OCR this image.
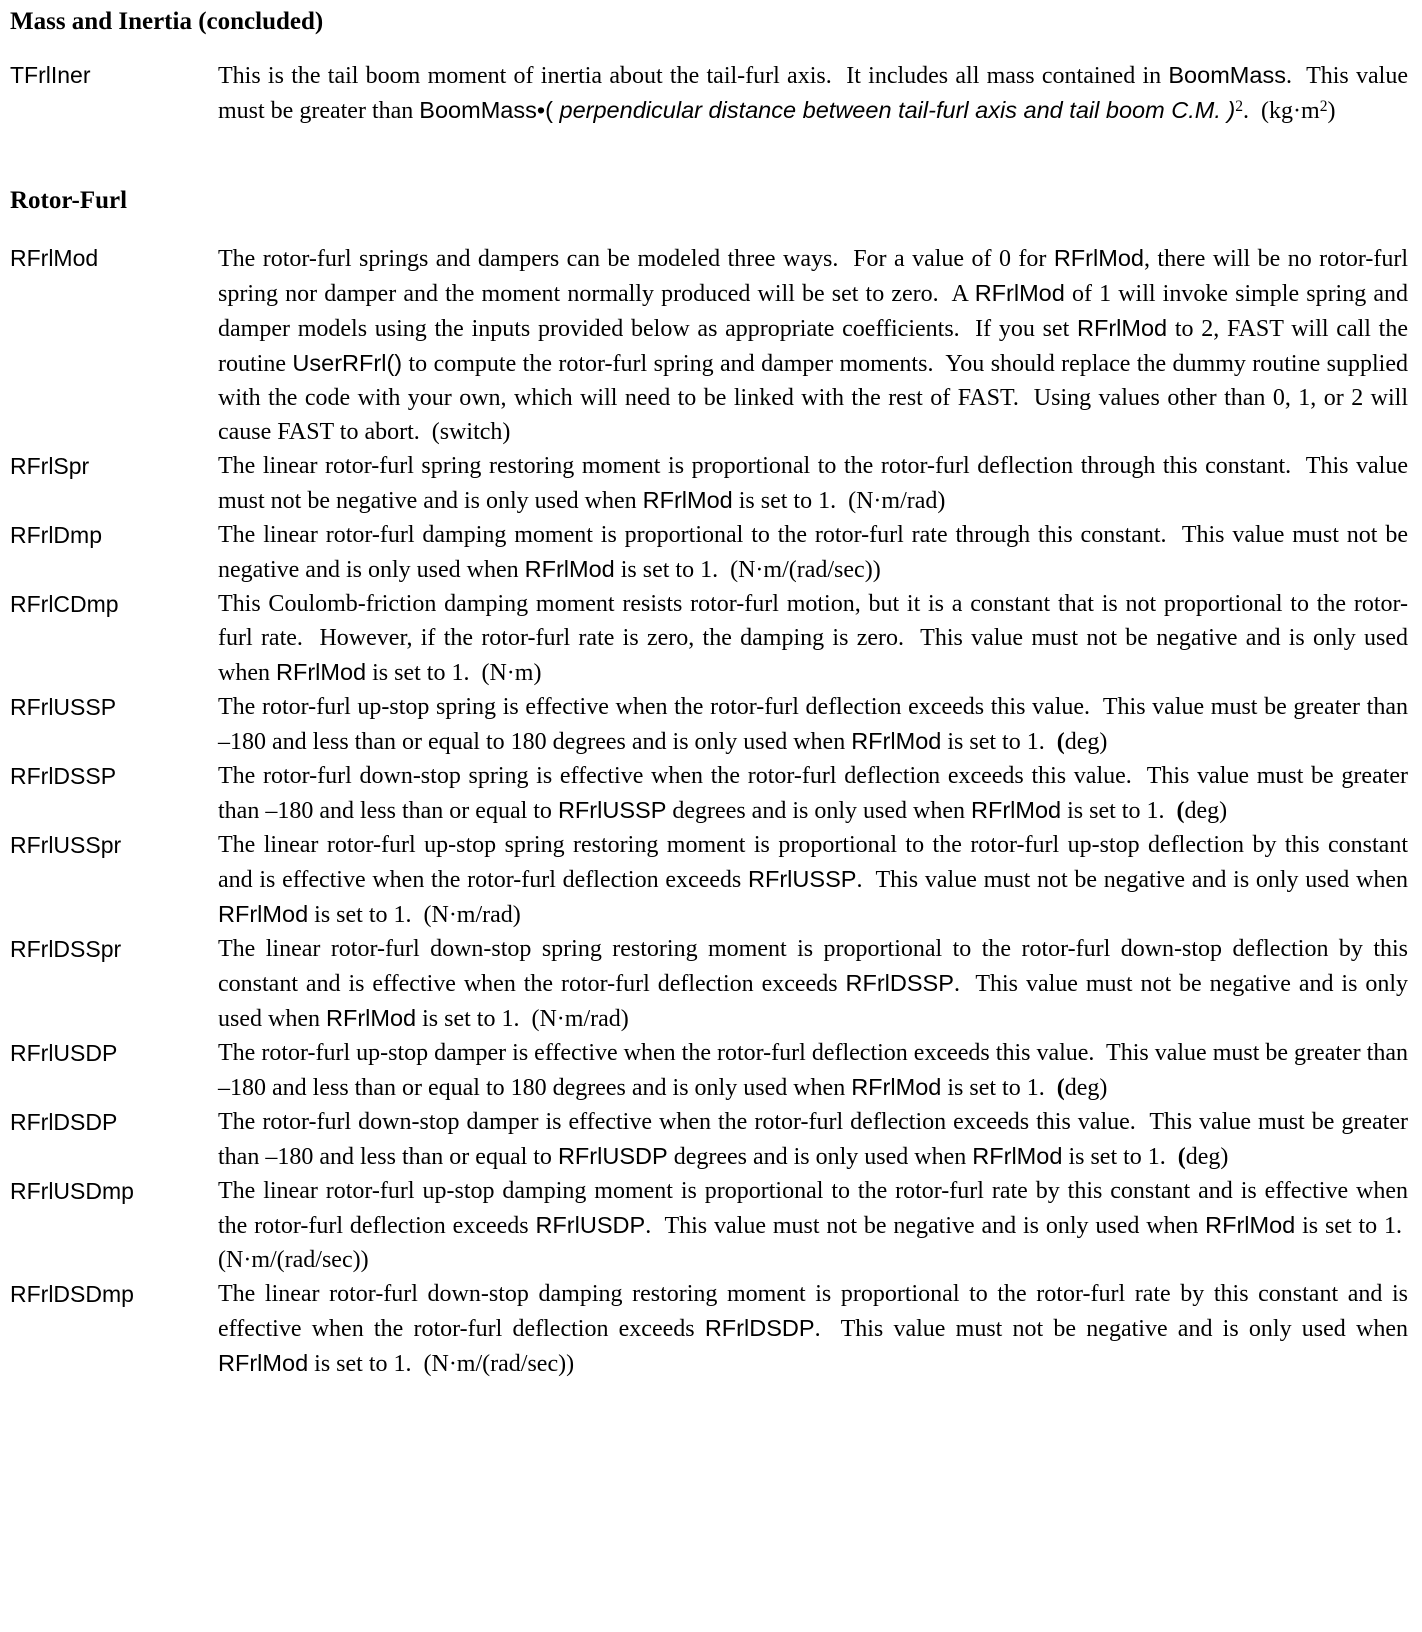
Mass and Inertia (concluded)
TFrlIner	This is the tail boom moment of inertia about the tail-furl axis.  It includes all mass contained in BoomMass.  This value must be greater than BoomMass•( perpendicular distance between tail-furl axis and tail boom C.M. )$^2$.  $(kg\cdot m^2)$
Rotor-Furl
RFrlMod	The rotor-furl springs and dampers can be modeled three ways.  For a value of 0 for RFrlMod, there will be no rotor-furl spring nor damper and the moment normally produced will be set to zero.  A RFrlMod of 1 will invoke simple spring and damper models using the inputs provided below as appropriate coefficients.  If you set RFrlMod to 2, FAST will call the routine UserRFrl() to compute the rotor-furl spring and damper moments.  You should replace the dummy routine supplied with the code with your own, which will need to be linked with the rest of FAST.  Using values other than 0, 1, or 2 will cause FAST to abort.  (switch)
RFrlSpr	The linear rotor-furl spring restoring moment is proportional to the rotor-furl deflection through this constant.  This value must not be negative and is only used when RFrlMod is set to 1.  (N·m/rad)
RFrlDmp	The linear rotor-furl damping moment is proportional to the rotor-furl rate through this constant.  This value must not be negative and is only used when RFrlMod is set to 1.  (N·m/(rad/sec))
RFrlCDmp	This Coulomb-friction damping moment resists rotor-furl motion, but it is a constant that is not proportional to the rotor-furl rate.  However, if the rotor-furl rate is zero, the damping is zero.  This value must not be negative and is only used when RFrlMod is set to 1.  (N·m)
RFrlUSSP	The rotor-furl up-stop spring is effective when the rotor-furl deflection exceeds this value.  This value must be greater than –180 and less than or equal to 180 degrees and is only used when RFrlMod is set to 1.  (deg)
RFrlDSSP	The rotor-furl down-stop spring is effective when the rotor-furl deflection exceeds this value.  This value must be greater than –180 and less than or equal to RFrlUSSP degrees and is only used when RFrlMod is set to 1.  (deg)
RFrlUSSpr	The linear rotor-furl up-stop spring restoring moment is proportional to the rotor-furl up-stop deflection by this constant and is effective when the rotor-furl deflection exceeds RFrlUSSP.  This value must not be negative and is only used when RFrlMod is set to 1.  (N·m/rad)
RFrlDSSpr	The linear rotor-furl down-stop spring restoring moment is proportional to the rotor-furl down-stop deflection by this constant and is effective when the rotor-furl deflection exceeds RFrlDSSP.  This value must not be negative and is only used when RFrlMod is set to 1.  (N·m/rad)
RFrlUSDP	The rotor-furl up-stop damper is effective when the rotor-furl deflection exceeds this value.  This value must be greater than –180 and less than or equal to 180 degrees and is only used when RFrlMod is set to 1.  (deg)
RFrlDSDP	The rotor-furl down-stop damper is effective when the rotor-furl deflection exceeds this value.  This value must be greater than –180 and less than or equal to RFrlUSDP degrees and is only used when RFrlMod is set to 1.  (deg)
RFrlUSDmp	The linear rotor-furl up-stop damping moment is proportional to the rotor-furl rate by this constant and is effective when the rotor-furl deflection exceeds RFrlUSDP.  This value must not be negative and is only used when RFrlMod is set to 1.  (N·m/(rad/sec))
RFrlDSDmp	The linear rotor-furl down-stop damping restoring moment is proportional to the rotor-furl rate by this constant and is effective when the rotor-furl deflection exceeds RFrlDSDP.  This value must not be negative and is only used when RFrlMod is set to 1.  (N·m/(rad/sec))
